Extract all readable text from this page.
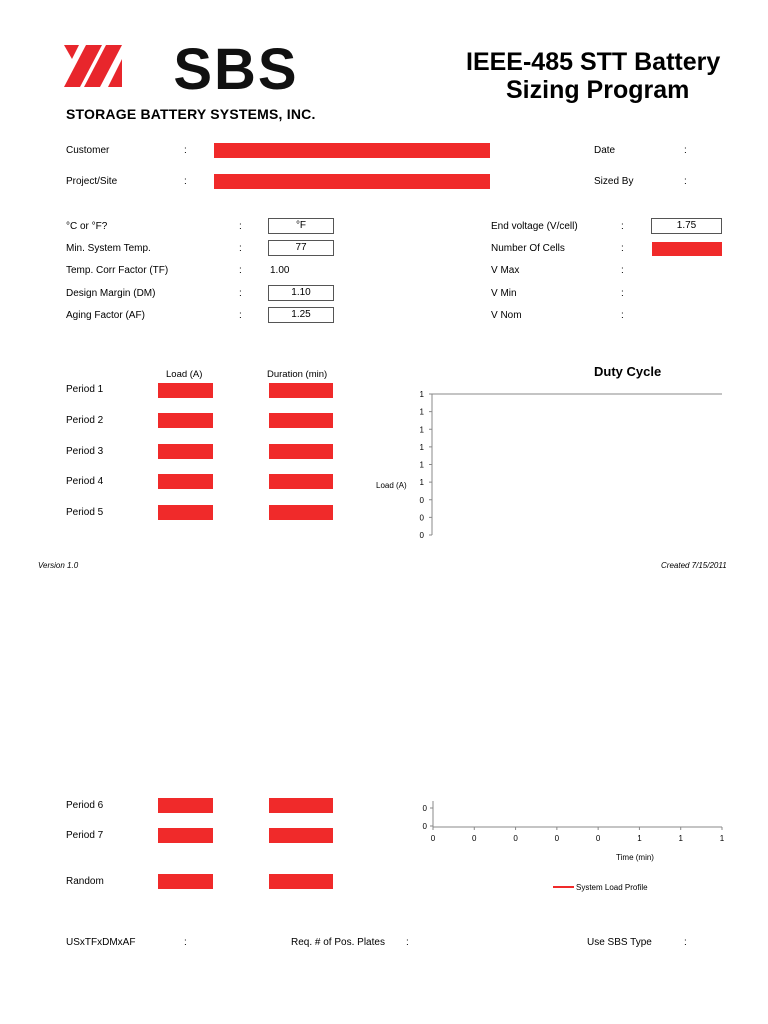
SBS
STORAGE BATTERY SYSTEMS, INC.
IEEE-485 STT Battery
Sizing Program
Customer	:
Project/Site	:
Date	:
Sized By	:
°C or °F?	:	°F
Min. System Temp.	:	77
Temp. Corr Factor (TF)	:	1.00
Design Margin (DM)	:	1.10
Aging Factor (AF)	:	1.25
End voltage (V/cell)	:	1.75
Number Of Cells	:
V Max	:
V Min	:
V Nom	:
Load (A)	Duration (min)
Period 1
Period 2
Period 3
Period 4
Period 5
Duty Cycle
Load (A)
1
1
1
1
1
1
0
0
0
Version 1.0	Created 7/15/2011
Period 6
Period 7
Random
Time (min)
System Load Profile
0
0
0	0	0	0	0	1	1	1
USxTFxDMxAF	:	Req. # of Pos. Plates :	Use SBS Type	:
